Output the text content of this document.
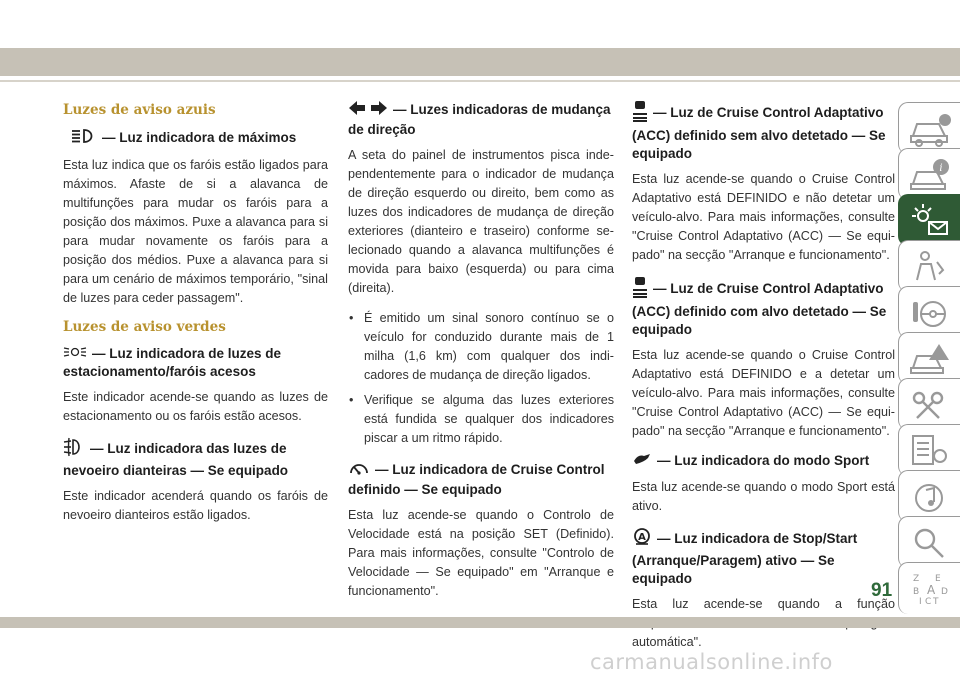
Luzes de aviso azuis
— Luz indicadora de máximos

Esta luz indica que os faróis estão ligados para máximos. Afaste de si a alavanca de multifunções para mudar os faróis para a posição dos máximos. Puxe a alavanca para si para mudar novamente os faróis para a posição dos médios. Puxe a alavanca para si para um cenário de máximos temporário, "sinal de luzes para ceder passagem".

Luzes de aviso verdes
— Luz indicadora de luzes de estacionamento/faróis acesos

Este indicador acende-se quando as luzes de estacionamento ou os faróis estão acesos.

— Luz indicadora das luzes de nevoeiro dianteiras — Se equipado

Este indicador acenderá quando os faróis de nevoeiro dianteiros estão ligados.

— Luzes indicadoras de mudança de direção

A seta do painel de instrumentos pisca independentemente para o indicador de mudança de direção esquerdo ou direito, bem como as luzes dos indicadores de mudança de direção exteriores (dianteiro e traseiro) conforme selecionado quando a alavanca multifunções é movida para baixo (esquerda) ou para cima (direita).

• É emitido um sinal sonoro contínuo se o veículo for conduzido durante mais de 1 milha (1,6 km) com qualquer dos indicadores de mudança de direção ligados.
• Verifique se alguma das luzes exteriores está fundida se qualquer dos indicadores piscar a um ritmo rápido.
— Luz indicadora de Cruise Control definido — Se equipado

Esta luz acende-se quando o Controlo de Velocidade está na posição SET (Definido). Para mais informações, consulte "Controlo de Velocidade — Se equipado" em "Arranque e funcionamento".

— Luz de Cruise Control Adaptativo (ACC) definido sem alvo detetado — Se equipado

Esta luz acende-se quando o Cruise Control Adaptativo está DEFINIDO e não detetar um veículo-alvo. Para mais informações, consulte "Cruise Control Adaptativo (ACC) — Se equipado" na secção "Arranque e funcionamento".

— Luz de Cruise Control Adaptativo (ACC) definido com alvo detetado — Se equipado

Esta luz acende-se quando o Cruise Control Adaptativo está DEFINIDO e a detetar um veículo-alvo. Para mais informações, consulte "Cruise Control Adaptativo (ACC) — Se equipado" na secção "Arranque e funcionamento".

— Luz indicadora do modo Sport

Esta luz acende-se quando o modo Sport está ativo.

A — Luz indicadora de Stop/Start (Arranque/Paragem) ativo — Se equipado

Esta luz acende-se quando a função automática".

i
Z E
B A D
I C T
91
carmanualsonline.info
